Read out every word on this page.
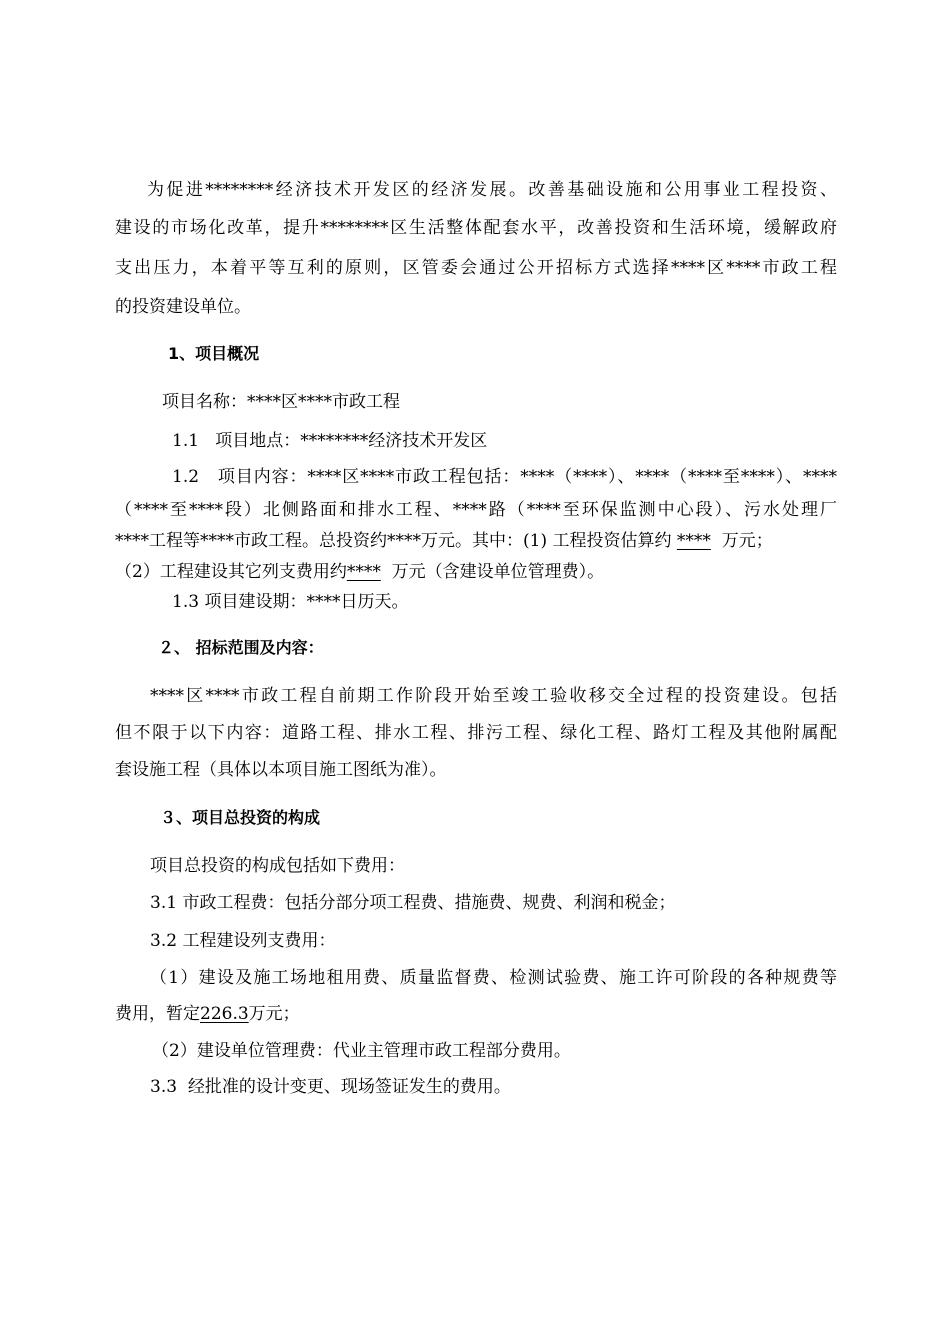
为促进********经济技术开发区的经济发展。改善基础设施和公用事业工程投资、
建设的市场化改革，提升********区生活整体配套水平，改善投资和生活环境，缓解政府
支出压力，本着平等互利的原则，区管委会通过公开招标方式选择****区****市政工程
的投资建设单位。
1、项目概况
项目名称：****区****市政工程
1.1   项目地点：********经济技术开发区
1.2   项目内容：****区****市政工程包括：****（****）、****（****至****）、****
（****至****段）北侧路面和排水工程、****路（****至环保监测中心段）、污水处理厂
****工程等****市政工程。总投资约****万元。其中：(1) 工程投资估算约 ****  万元；
（2）工程建设其它列支费用约****  万元（含建设单位管理费）。
1.3 项目建设期：****日历天。
２、 招标范围及内容：
****区****市政工程自前期工作阶段开始至竣工验收移交全过程的投资建设。包括
但不限于以下内容：道路工程、排水工程、排污工程、绿化工程、路灯工程及其他附属配
套设施工程（具体以本项目施工图纸为准）。
３、项目总投资的构成
项目总投资的构成包括如下费用：
3.1 市政工程费：包括分部分项工程费、措施费、规费、利润和税金；
3.2 工程建设列支费用：
（1）建设及施工场地租用费、质量监督费、检测试验费、施工许可阶段的各种规费等
费用，暂定226.3万元；
（2）建设单位管理费：代业主管理市政工程部分费用。
3.3  经批准的设计变更、现场签证发生的费用。
